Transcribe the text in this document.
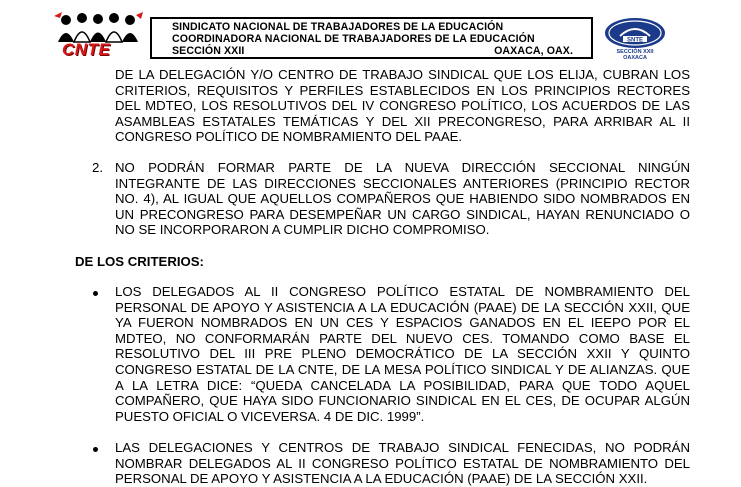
CNTE
SINDICATO NACIONAL DE TRABAJADORES DE LA EDUCACIÓN
COORDINADORA NACIONAL DE TRABAJADORES DE LA EDUCACIÓN
SECCIÓN XXII	OAXACA, OAX.
SNTE
SECCIÓN XXII
OAXACA
DE LA DELEGACIÓN Y/O CENTRO DE TRABAJO SINDICAL QUE LOS ELIJA, CUBRAN LOS
CRITERIOS, REQUISITOS Y PERFILES ESTABLECIDOS EN LOS PRINCIPIOS RECTORES
DEL MDTEO, LOS RESOLUTIVOS DEL IV CONGRESO POLÍTICO, LOS ACUERDOS DE LAS
ASAMBLEAS ESTATALES TEMÁTICAS Y DEL XII PRECONGRESO, PARA ARRIBAR AL II
CONGRESO POLÍTICO DE NOMBRAMIENTO DEL PAAE.
2. NO PODRÁN FORMAR PARTE DE LA NUEVA DIRECCIÓN SECCIONAL NINGÚN
INTEGRANTE DE LAS DIRECCIONES SECCIONALES ANTERIORES (PRINCIPIO RECTOR
NO. 4), AL IGUAL QUE AQUELLOS COMPAÑEROS QUE HABIENDO SIDO NOMBRADOS EN
UN PRECONGRESO PARA DESEMPEÑAR UN CARGO SINDICAL, HAYAN RENUNCIADO O
NO SE INCORPORARON A CUMPLIR DICHO COMPROMISO.
DE LOS CRITERIOS:
LOS DELEGADOS AL II CONGRESO POLÍTICO ESTATAL DE NOMBRAMIENTO DEL
PERSONAL DE APOYO Y ASISTENCIA A LA EDUCACIÓN (PAAE) DE LA SECCIÓN XXII, QUE
YA FUERON NOMBRADOS EN UN CES Y ESPACIOS GANADOS EN EL IEEPO POR EL
MDTEO, NO CONFORMARÁN PARTE DEL NUEVO CES. TOMANDO COMO BASE EL
RESOLUTIVO DEL III PRE PLENO DEMOCRÁTICO DE LA SECCIÓN XXII Y QUINTO
CONGRESO ESTATAL DE LA CNTE, DE LA MESA POLÍTICO SINDICAL Y DE ALIANZAS. QUE
A LA LETRA DICE: “QUEDA CANCELADA LA POSIBILIDAD, PARA QUE TODO AQUEL
COMPAÑERO, QUE HAYA SIDO FUNCIONARIO SINDICAL EN EL CES, DE OCUPAR ALGÚN
PUESTO OFICIAL O VICEVERSA. 4 DE DIC. 1999”.
LAS DELEGACIONES Y CENTROS DE TRABAJO SINDICAL FENECIDAS, NO PODRÁN
NOMBRAR DELEGADOS AL II CONGRESO POLÍTICO ESTATAL DE NOMBRAMIENTO DEL
PERSONAL DE APOYO Y ASISTENCIA A LA EDUCACIÓN (PAAE) DE LA SECCIÓN XXII.
